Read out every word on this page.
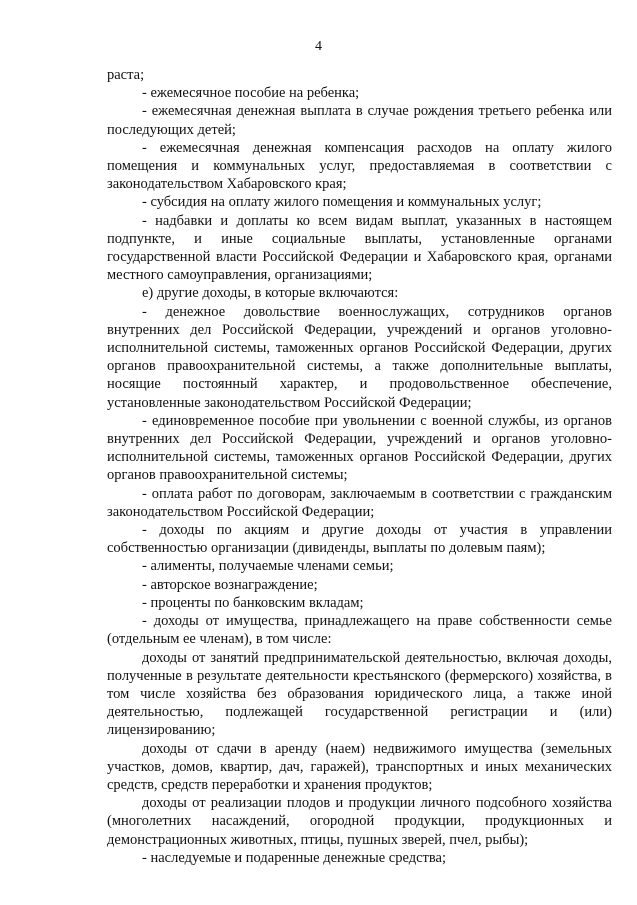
4

раста;

- ежемесячное пособие на ребенка;

- ежемесячная денежная выплата в случае рождения третьего ребенка или последующих детей;

- ежемесячная денежная компенсация расходов на оплату жилого помещения и коммунальных услуг, предоставляемая в соответствии с законодательством Хабаровского края;

- субсидия на оплату жилого помещения и коммунальных услуг;

- надбавки и доплаты ко всем видам выплат, указанных в настоящем подпункте, и иные социальные выплаты, установленные органами государственной власти Российской Федерации и Хабаровского края, органами местного самоуправления, организациями;

е) другие доходы, в которые включаются:

- денежное довольствие военнослужащих, сотрудников органов внутренних дел Российской Федерации, учреждений и органов уголовно-исполнительной системы, таможенных органов Российской Федерации, других органов правоохранительной системы, а также дополнительные выплаты, носящие постоянный характер, и продовольственное обеспечение, установленные законодательством Российской Федерации;

- единовременное пособие при увольнении с военной службы, из органов внутренних дел Российской Федерации, учреждений и органов уголовно-исполнительной системы, таможенных органов Российской Федерации, других органов правоохранительной системы;

- оплата работ по договорам, заключаемым в соответствии с гражданским законодательством Российской Федерации;

- доходы по акциям и другие доходы от участия в управлении собственностью организации (дивиденды, выплаты по долевым паям);

- алименты, получаемые членами семьи;

- авторское вознаграждение;

- проценты по банковским вкладам;

- доходы от имущества, принадлежащего на праве собственности семье (отдельным ее членам), в том числе:

доходы от занятий предпринимательской деятельностью, включая доходы, полученные в результате деятельности крестьянского (фермерского) хозяйства, в том числе хозяйства без образования юридического лица, а также иной деятельностью, подлежащей государственной регистрации и (или) лицензированию;

доходы от сдачи в аренду (наем) недвижимого имущества (земельных участков, домов, квартир, дач, гаражей), транспортных и иных механических средств, средств переработки и хранения продуктов;

доходы от реализации плодов и продукции личного подсобного хозяйства (многолетних насаждений, огородной продукции, продукционных и демонстрационных животных, птицы, пушных зверей, пчел, рыбы);

- наследуемые и подаренные денежные средства;
